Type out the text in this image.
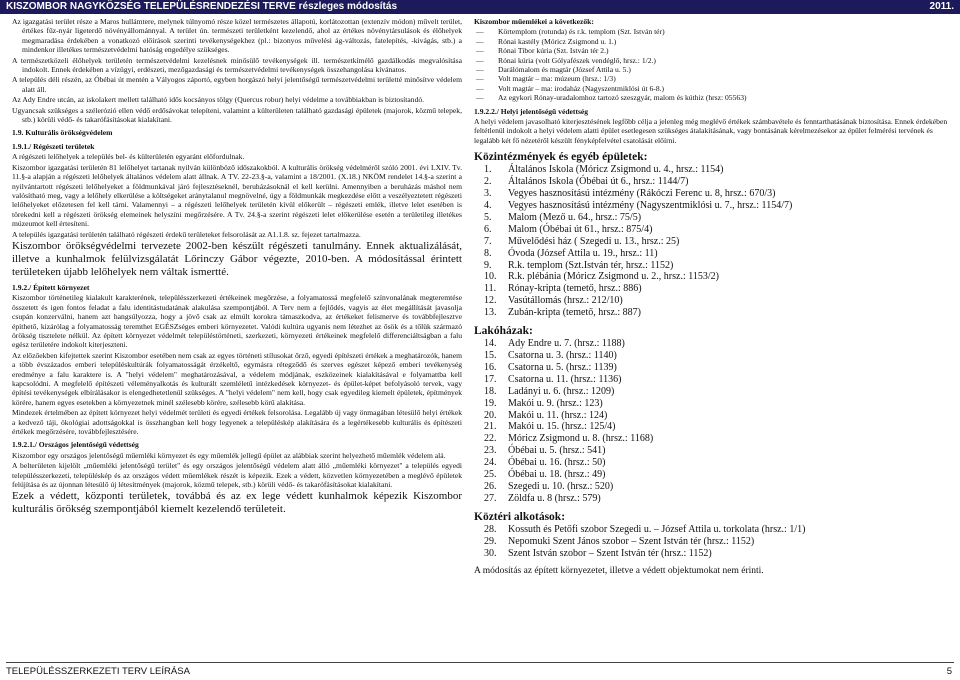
KISZOMBOR NAGYKÖZSÉG TELEPÜLÉSRENDEZÉSI TERVE részleges módosítás	2011.

Az igazgatási terület része a Maros hullámtere, melynek túlnyomó része közel természetes állapotú, korlátozottan (extenzív módon) művelt terület, értékes fűz-nyár ligeterdő növényállománnyal. A terület ún. természeti területként kezelendő, ahol az értékes növénytársulások és élőhelyek megmaradása érdekében a vonatkozó előírások szerinti tevékenységekhez (pl.: bizonyos művelési ág-változás, fatelepítés, -kivágás, stb.) a mindenkor illetékes természetvédelmi hatóság engedélye szükséges.

A természetközeli élőhelyek területén természetvédelmi kezelésnek minősülő tevékenységek ill. természetkímélő gazdálkodás megvalósítása indokolt. Ennek érdekében a vízügyi, erdészeti, mezőgazdasági és természetvédelmi tevékenységek összehangolása kívánatos.

A település déli részén, az Óbébai út mentén a Vályogos záportó, egyben horgászó helyi jelentőségű természetvédelmi területté minősítve védelem alatt áll.

Az Ady Endre utcán, az iskolakert mellett található idős kocsányos tölgy (Quercus robur) helyi védelme a továbbiakban is biztosítandó.

Ugyancsak szükséges a szélerózió ellen védő erdősávokat telepíteni, valamint a külterületen található gazdasági épületek (majorok, közmű telepek, stb.) körüli védő- és takarófásításokat kialakítani.

1.9. Kulturális örökségvédelem

1.9.1./ Régészeti területek

A régészeti lelőhelyek a település bel- és külterületén egyaránt előfordulnak.

Kiszombor igazgatási területén 81 lelőhelyet tartanak nyilván különböző időszakokból. A kulturális örökség védelméről szóló 2001. évi LXIV. Tv. 11.§-a alapján a régészeti lelőhelyek általános védelem alatt állnak. A TV. 22-23.§-a, valamint a 18/2001. (X.18.) NKÖM rendelet 14.§-a szerint a nyilvántartott régészeti lelőhelyeket a földmunkával járó fejlesztéseknél, beruházásoknál el kell kerülni. Amennyiben a beruházás máshol nem valósítható meg, vagy a lelőhely elkerülése a költségeket aránytalanul megnövelné, úgy a földmunkák megkezdése előtt a veszélyeztetett régészeti lelőhelyeket előzetesen fel kell tárni. Valamennyi – a régészeti lelőhelyek területén kívül előkerült – régészeti emlék, illetve lelet esetében is törekedni kell a régészeti örökség elemeinek helyszíni megőrzésére. A Tv. 24.§-a szerint régészeti lelet előkerülése esetén a területileg illetékes múzeumot kell értesíteni.

A település igazgatási területén található régészeti érdekű területeket felsorolását az A1.1.8. sz. fejezet tartalmazza.

Kiszombor örökségvédelmi tervezete 2002-ben készült régészeti tanulmány. Ennek aktualizálását, illetve a kunhalmok felülvizsgálatát Lőrinczy Gábor végezte, 2010-ben. A módosítással érintett területeken újabb lelőhelyek nem váltak ismertté.

1.9.2./ Épített környezet

Kiszombor történetileg kialakult karakterének, településszerkezeti értékeinek megőrzése, a folyamatossá megfelelő színvonalának megteremtése összetett és igen fontos feladat a falu identitástudatának alakulása szempontjából. A Terv nem a fejlődés, vagyis az élet megállítását javasolja csupán konzerválni, hanem azt hangsúlyozza, hogy a jövő csak az elmúlt korokra támaszkodva, az értékeket felismerve és továbbfejlesztve építhető, kizárólag a folyamatosság teremthet EGÉSZséges emberi környezetet. Valódi kultúra ugyanis nem létezhet az ősök és a tőlük származó örökség tisztelete nélkül. Az épített környezet védelmét településtörténeti, szerkezeti, környezeti értékeinek megfelelő differenciáltságban a falu egész területére indokolt kiterjeszteni.

Az előzőekben kifejtettek szerint Kiszombor esetében nem csak az egyes történeti stílusokat őrző, egyedi építészeti értékek a meghatározók, hanem a több évszázados emberi településkultúrák folyamatosságát érzékeltő, egymásra rétegződő és szerves egészet képező emberi tevékenység eredménye a falu karaktere is. A "helyi védelem" meghatározásával, a védelem módjának, eszközeinek kialakításával e folyamattba kell kapcsolódni. A megfelelő építészeti véleményalkotás és kulturált szemléletű intézkedések környezet- és épület-képet befolyásoló tervek, vagy építési tevékenységek elbírálásakor is elengedhetetlenül szükséges. A "helyi védelem" nem kell, hogy csak egyedileg kiemelt épületek, építmények körére, hanem egyes esetekben a környezetnek minél szélesebb körére, szélesebb körű alakítása.

Mindezek értelmében az épített környezet helyi védelmét területi és egyedi értékek felsorolása. Legalább új vagy önmagában létesülő helyi értékek a kedvező táji, ökológiai adottságokkal is összhangban kell hogy legyenek a településkép alakítására és a legértékesebb kulturális és építészeti értékek megőrzésére, továbbfejlesztésére.

1.9.2.1./ Országos jelentőségű védettség

Kiszombor egy országos jelentőségű műemléki környezet és egy műemlék jellegű épület az alábbiak szerint helyezhető műemlék védelem alá.

A belterületen kijelölt „műemléki jelentőségű terület" és egy országos jelentőségű védelem alatt álló „műemléki környezet" a település egyedi településszerkezeti, településkép és az országos védett műemlékek részét is képezik. Ezek a védett, közvetlen környezetében a meglévő épületek felújítása és az újonnan létesülő új létesítmények (majorok, közmű telepek, stb.) körüli védő- és takarófásításokat kialakítani.

Ezek a védett, központi területek, továbbá és az ex lege védett kunhalmok képezik Kiszombor kulturális örökség szempontjából kiemelt kezelendő területeit.

Kiszombor műemlékei a következők:

— Körtemplom (rotunda) és r.k. templom (Szt. István tér)
— Rónai kastély (Móricz Zsigmond u. 1.)
— Rónai Tibor kúria (Szt. István tér 2.)
— Rónai kúria (volt Gólyafészek vendéglő, hrsz.: 1/2.)
— Darálómalom és magtár (József Attila u. 5.)
— Volt magtár – ma: múzeum (hrsz.: 1/3)
— Volt magtár – ma: irodaház (Nagyszentmiklósi út 6-8.)
— Az egykori Rónay-uradalomhoz tartozó szeszgyár, malom és kúthiz (hrsz: 05563)

1.9.2.2./ Helyi jelentőségű védettség

A helyi védelem javasolható kiterjesztésének legfőbb célja a jelenleg még meglévő értékek számbavétele és fenntarthatásának biztosítása. Ennek érdekében feltétlenül indokolt a helyi védelem alatti épület esetlegesen szükséges átalakításának, vagy bontásának kérelmezésekor az épület felmérési tervének és legalább két fő nézetéről készült fényképfelvétel csatolását előírni.

Közintézmények és egyéb épületek:
1.	Általános Iskola (Móricz Zsigmond u. 4., hrsz.: 1154)
2.	Általános Iskola (Óbébai út 6., hrsz.: 1144/7)
3.	Vegyes hasznosítású intézmény (Rákóczi Ferenc u. 8, hrsz.: 670/3)
4.	Vegyes hasznosítású intézmény (Nagyszentmiklósi u. 7., hrsz.: 1154/7)
5.	Malom (Mező u. 64., hrsz.: 75/5)
6.	Malom (Óbébai út 61., hrsz.: 875/4)
7.	Művelődési ház ( Szegedi u. 13., hrsz.: 25)
8.	Óvoda (József Attila u. 19., hrsz.: 11)
9.	R.k. templom (Szt.István tér, hrsz.: 1152)
10.	R.k. plébánia (Móricz Zsigmond u. 2., hrsz.: 1153/2)
11.	Rónay-kripta (temető, hrsz.: 886)
12.	Vasútállomás (hrsz.: 212/10)
13.	Zubán-kripta (temető, hrsz.: 887)
Lakóházak:
14.	Ady Endre u. 7. (hrsz.: 1188)
15.	Csatorna u. 3. (hrsz.: 1140)
16.	Csatorna u. 5. (hrsz.: 1139)
17.	Csatorna u. 11. (hrsz.: 1136)
18.	Ladányi u. 6. (hrsz.: 1209)
19.	Makói u. 9. (hrsz.: 123)
20.	Makói u. 11. (hrsz.: 124)
21.	Makói u. 15. (hrsz.: 125/4)
22.	Móricz Zsigmond u. 8. (hrsz.: 1168)
23.	Óbébai u. 5. (hrsz.: 541)
24.	Óbébai u. 16. (hrsz.: 50)
25.	Óbébai u. 18. (hrsz.: 49)
26.	Szegedi u. 10. (hrsz.: 520)
27.	Zöldfa u. 8 (hrsz.: 579)
Köztéri alkotások:
28.	Kossuth és Petőfi szobor Szegedi u. – József Attila u. torkolata (hrsz.: 1/1)
29.	Nepomuki Szent János szobor – Szent István tér (hrsz.: 1152)
30.	Szent István szobor – Szent István tér (hrsz.: 1152)

A módosítás az épített környezetet, illetve a védett objektumokat nem érinti.

TELEPÜLÉSSZERKEZETI TERV LEÍRÁSA	5
